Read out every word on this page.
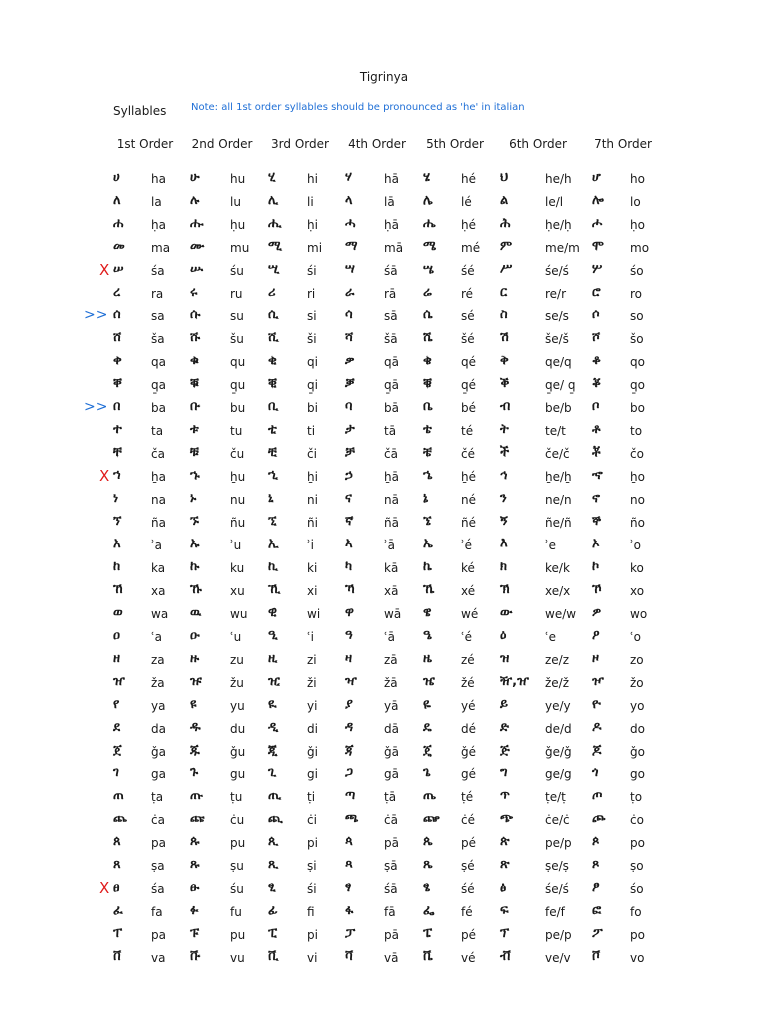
Tigrinya
Syllables Note: all 1st order syllables should be pronounced as 'he' in italian
1st Order	2nd Order	3rd Order	4th Order	5th Order	6th Order	7th Order
ሀ	ha ሁ	hu ሂ	hi ሃ	hā ሄ	hé ህ	he/h ሆ ho
ለ	la ሉ	lu ሊ li ላ	lā ሌ lé ል	le/l ሎ lo
ሐ ḥa ሑ ḥu ሒ ḥi ሓ ḥā ሔ ḥé ሕ	ḥe/ḥ ሖ ḥo
መ ma ሙ mu ሚ mi ማ mā ሜ mé ም	me/m ሞ mo
X ሠ śa ሡ śu ሢ śi ሣ śā ሤ śé ሥ	śe/ś ሦ śo
ረ	ra ሩ	ru ሪ	ri ራ rā ሬ ré ር	re/r ሮ ro
>> ሰ	sa ሱ su ሲ si ሳ	sā ሴ sé ስ	se/s ሶ	so
ሸ ša ሹ šu ሺ ši ሻ	šā ሼ šé ሽ	še/š ሾ šo
ቀ qa ቁ	qu ቂ	qi ቃ qā ቄ qé ቅ	qe/q ቆ qo
ቐ q̱a ቑ	q̱u ቒ	q̱i ቓ q̱ā ቔ q̱é ቕ	q̱e/ q̱ ቖ q̱o
>> በ	ba ቡ bu ቢ bi ባ	bā ቤ bé ብ	be/b ቦ	bo
ተ ta ቱ	tu ቲ	ti ታ tā ቴ té ት	te/t ቶ to
ቸ ča ቹ	ču ቺ	či ቻ čā ቼ čé ች	če/č ቾ čo
X ኀ	ẖa ኁ	ẖu ኂ ẖi ኃ	ẖā ኄ ẖé ኅ	ẖe/ẖ ኆ ẖo
ነ	na ኑ	nu ኒ	ni ና	nā ኔ	né ን	ne/n ኖ no
ኘ ña ኙ	ñu ኚ	ñi ኛ	ñā ኜ ñé ኝ	ñe/ñ ኞ ño
አ	ʾa ኡ	ʾu ኢ ʾi ኣ	ʾā ኤ ʾé እ	ʾe	ኦ	ʾo
ከ	ka ኩ	ku ኪ ki ካ	kā ኬ ké ክ	ke/k ኮ	ko
ኸ xa ኹ xu ኺ xi ኻ xā ኼ xé ኽ	xe/x ኾ xo
ወ wa ዉ wu ዊ	wi ዋ	wā ዌ wé ው	we/w ዎ wo
ዐ	ʿa ዑ	ʿu ዒ ʿi ዓ	ʿā ዔ ʿé ዕ	ʿe	ዖ	ʿo
ዘ	za ዙ	zu ዚ zi ዛ	zā ዜ zé ዝ	ze/z ዞ	zo
ዠ ža ዡ žu ዢ ži ዣ žā ዤ žé ዥ,ዠ že/ž ዦ žo
የ	ya ዩ	yu ዪ	yi ያ	yā ዬ	yé ይ	ye/y ዮ yo
ደ	da ዱ du ዲ di ዳ	dā ዴ dé ድ	de/d ዶ do
ጀ ǧa ጁ	ǧu ጂ ǧi ጃ	ǧā ጄ ǧé ጅ	ǧe/ǧ ጆ ǧo
ገ	ga ጉ	gu ጊ	gi ጋ	gā ጌ	gé ግ	ge/g ጎ	go
ጠ ṭa ጡ ṭu ጢ ṭi ጣ ṭā ጤ ṭé ጥ	ṭe/ṭ ጦ ṭo
ጨ ċa ጩ ċu ጪ ċi ጫ ċā ጬ ċé ጭ	ċe/ċ ጮ ċo
ጰ	pa ጱ	pu ጲ pi ጳ	pā ጴ pé ጵ	pe/p ጶ	po
ጸ	ṣa ጹ	ṣu ጺ ṣi ጻ	ṣā ጼ ṣé ጽ	ṣe/ṣ ጾ	ṣo
X ፀ	śa ፁ	śu ፂ	śi ፃ	śā ፄ	śé ፅ	śe/ś ፆ	śo
ፈ fa ፉ	fu ፊ fi ፋ	fā ፌ fé ፍ	fe/f ፎ fo
ፐ pa ፑ	pu ፒ pi ፓ pā ፔ pé ፕ	pe/p ፖ po
ቨ va ቩ vu ቪ vi ቫ	vā ቬ vé ቭ	ve/v ቮ vo
